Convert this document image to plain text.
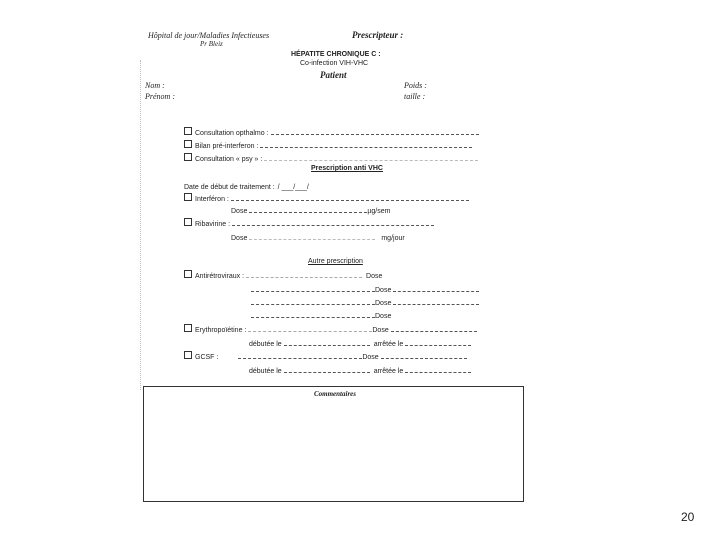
Hôpital de jour/Maladies Infectieuses
Pr Bleiz
Prescripteur :
HÉPATITE CHRONIQUE C :
Co-infection VIH-VHC
Patient
Nom :
Prénom :
Poids :
taille :
Consultation opthalmo :
Bilan pré-interferon :
Consultation « psy » :
Prescription anti VHC
Date de début de traitement : / ___/___/
Interféron :
Dose	µg/sem
Ribavirine :
Dose	mg/jour
Autre prescription
Antirétroviraux :	Dose
Dose
Dose
Dose
Erythropoïétine :	Dose
débutée le	arrêtée le
GCSF :	Dose
débutée le	arrêtée le
Commentaires
20
